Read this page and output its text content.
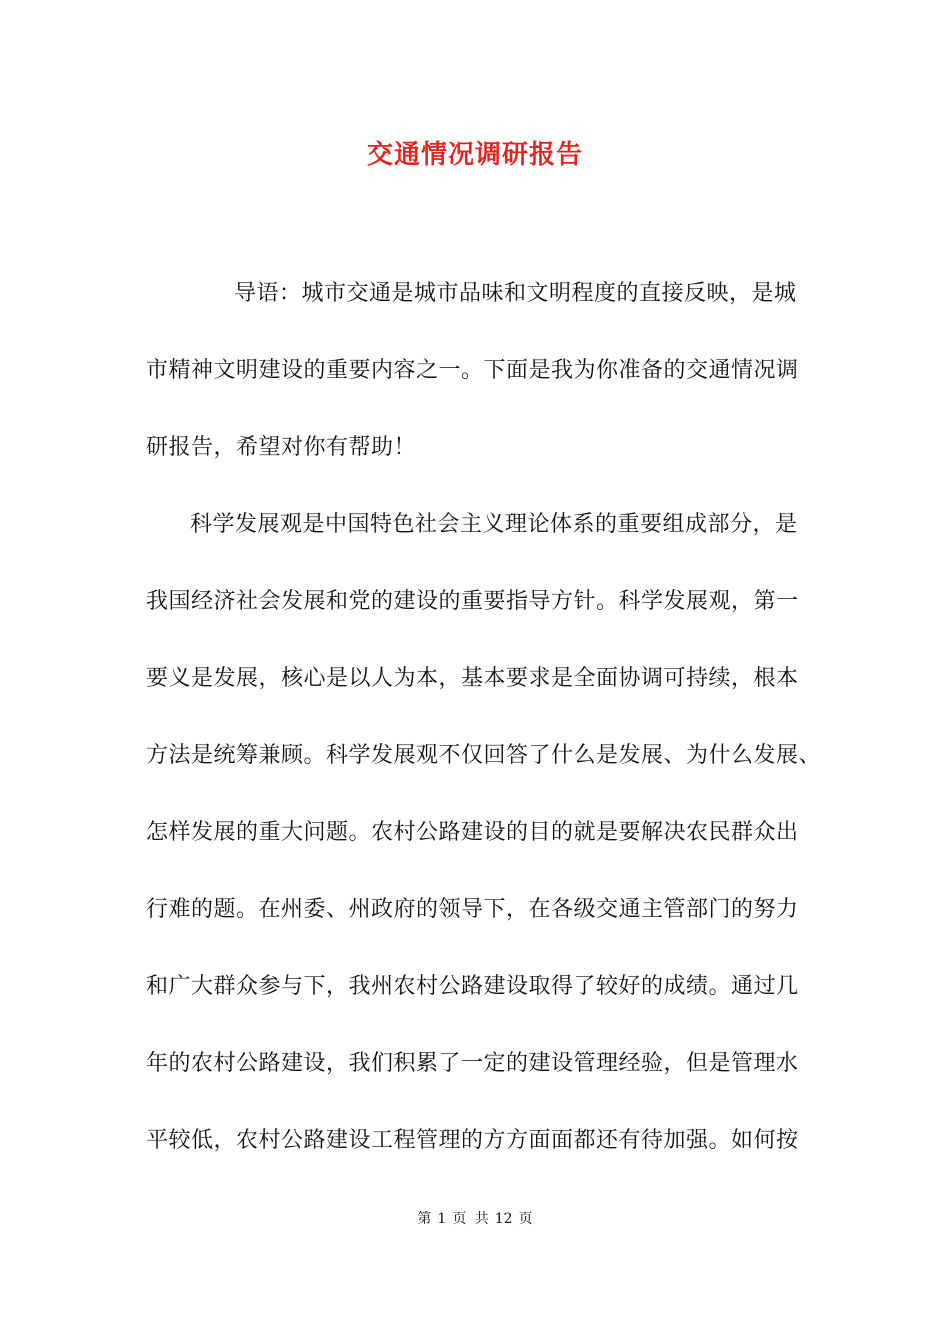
交通情况调研报告
导语：城市交通是城市品味和文明程度的直接反映，是城
市精神文明建设的重要内容之一。下面是我为你准备的交通情况调
研报告，希望对你有帮助！
科学发展观是中国特色社会主义理论体系的重要组成部分，是
我国经济社会发展和党的建设的重要指导方针。科学发展观，第一
要义是发展，核心是以人为本，基本要求是全面协调可持续，根本
方法是统筹兼顾。科学发展观不仅回答了什么是发展、为什么发展、
怎样发展的重大问题。农村公路建设的目的就是要解决农民群众出
行难的题。在州委、州政府的领导下，在各级交通主管部门的努力
和广大群众参与下，我州农村公路建设取得了较好的成绩。通过几
年的农村公路建设，我们积累了一定的建设管理经验，但是管理水
平较低，农村公路建设工程管理的方方面面都还有待加强。如何按
第 1 页 共 12 页
